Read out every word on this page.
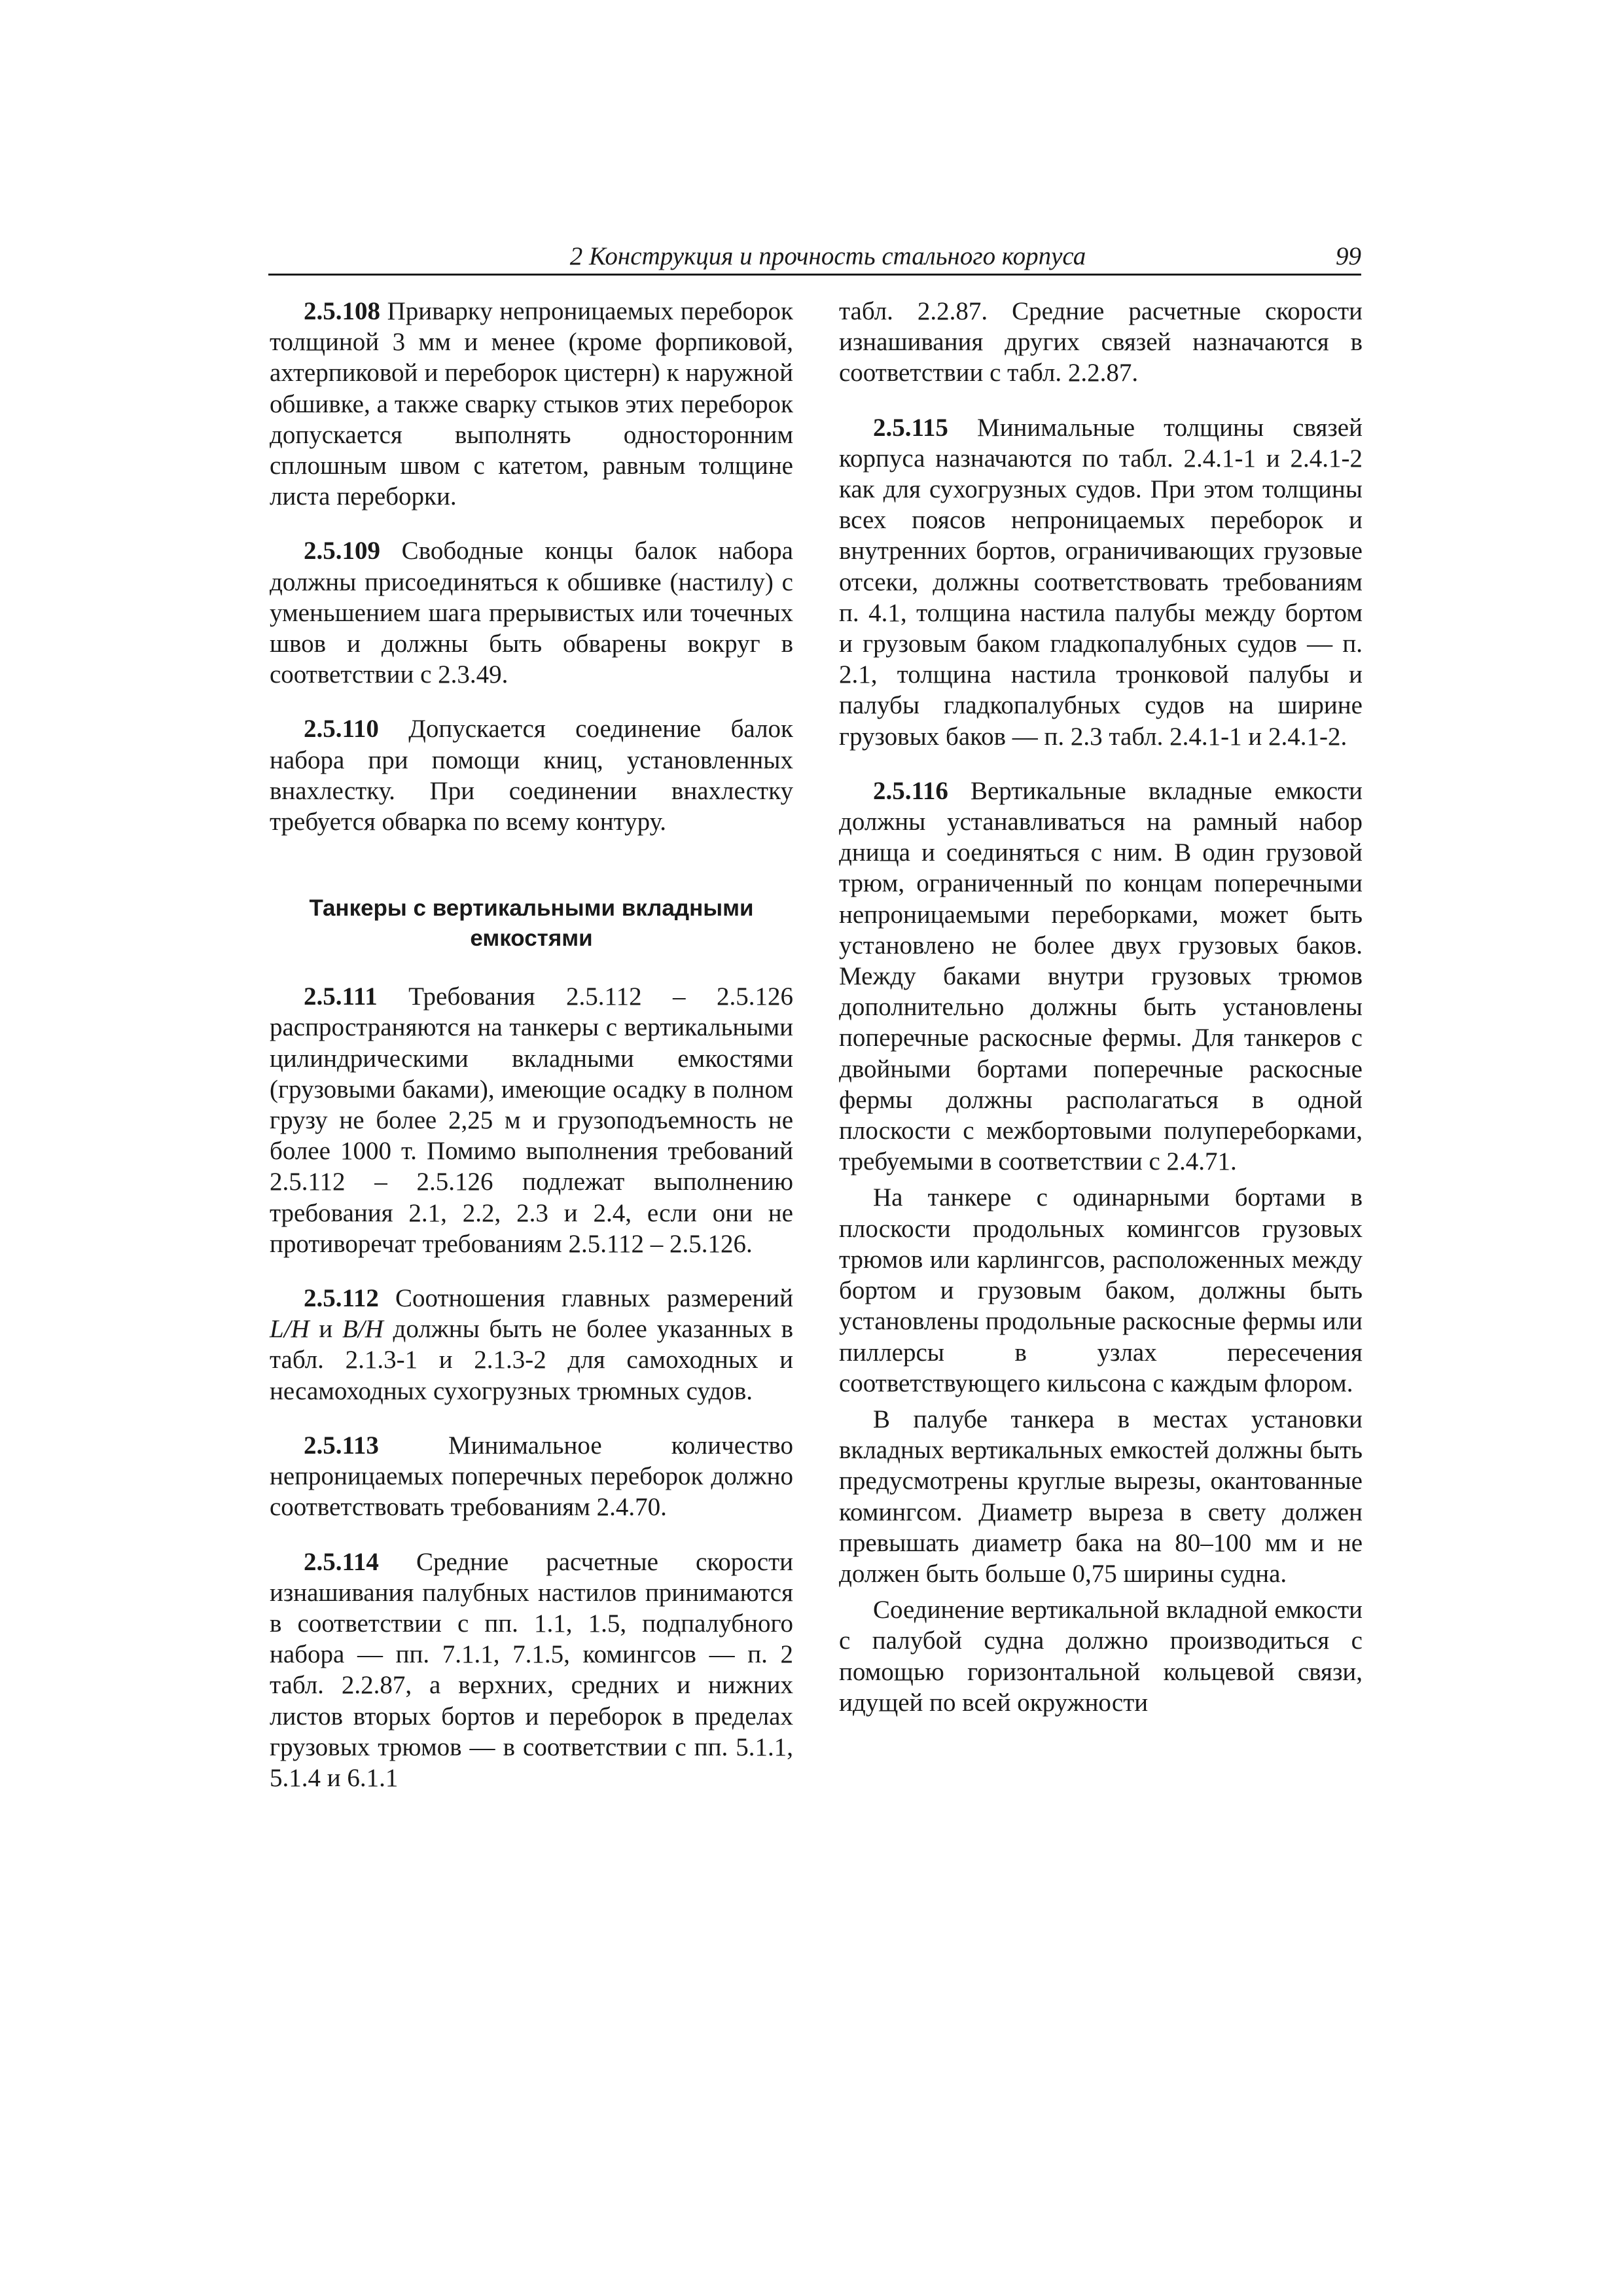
2 Конструкция и прочность стального корпуса	99

2.5.108 Приварку непроницаемых переборок толщиной 3 мм и менее (кроме форпиковой, ахтерпиковой и переборок цистерн) к наружной обшивке, а также сварку стыков этих переборок допускается выполнять односторонним сплошным швом с катетом, равным толщине листа переборки.

2.5.109 Свободные концы балок набора должны присоединяться к обшивке (настилу) с уменьшением шага прерывистых или точечных швов и должны быть обварены вокруг в соответствии с 2.3.49.

2.5.110 Допускается соединение балок набора при помощи книц, установленных внахлестку. При соединении внахлестку требуется обварка по всему контуру.

Танкеры с вертикальными вкладными емкостями

2.5.111 Требования 2.5.112 – 2.5.126 распространяются на танкеры с вертикальными цилиндрическими вкладными емкостями (грузовыми баками), имеющие осадку в полном грузу не более 2,25 м и грузоподъемность не более 1000 т. Помимо выполнения требований 2.5.112 – 2.5.126 подлежат выполнению требования 2.1, 2.2, 2.3 и 2.4, если они не противоречат требованиям 2.5.112 – 2.5.126.

2.5.112 Соотношения главных размерений L/H и B/H должны быть не более указанных в табл. 2.1.3-1 и 2.1.3-2 для самоходных и несамоходных сухогрузных трюмных судов.

2.5.113 Минимальное количество непроницаемых поперечных переборок должно соответствовать требованиям 2.4.70.

2.5.114 Средние расчетные скорости изнашивания палубных настилов принимаются в соответствии с пп. 1.1, 1.5, подпалубного набора — пп. 7.1.1, 7.1.5, комингсов — п. 2 табл. 2.2.87, а верхних, средних и нижних листов вторых бортов и переборок в пределах грузовых трюмов — в соответствии с пп. 5.1.1, 5.1.4 и 6.1.1

табл. 2.2.87. Средние расчетные скорости изнашивания других связей назначаются в соответствии с табл. 2.2.87.

2.5.115 Минимальные толщины связей корпуса назначаются по табл. 2.4.1-1 и 2.4.1-2 как для сухогрузных судов. При этом толщины всех поясов непроницаемых переборок и внутренних бортов, ограничивающих грузовые отсеки, должны соответствовать требованиям п. 4.1, толщина настила палубы между бортом и грузовым баком гладкопалубных судов — п. 2.1, толщина настила тронковой палубы и палубы гладкопалубных судов на ширине грузовых баков — п. 2.3 табл. 2.4.1-1 и 2.4.1-2.

2.5.116 Вертикальные вкладные емкости должны устанавливаться на рамный набор днища и соединяться с ним. В один грузовой трюм, ограниченный по концам поперечными непроницаемыми переборками, может быть установлено не более двух грузовых баков. Между баками внутри грузовых трюмов дополнительно должны быть установлены поперечные раскосные фермы. Для танкеров с двойными бортами поперечные раскосные фермы должны располагаться в одной плоскости с межбортовыми полупереборками, требуемыми в соответствии с 2.4.71.

На танкере с одинарными бортами в плоскости продольных комингсов грузовых трюмов или карлингсов, расположенных между бортом и грузовым баком, должны быть установлены продольные раскосные фермы или пиллерсы в узлах пересечения соответствующего кильсона с каждым флором.

В палубе танкера в местах установки вкладных вертикальных емкостей должны быть предусмотрены круглые вырезы, окантованные комингсом. Диаметр выреза в свету должен превышать диаметр бака на 80–100 мм и не должен быть больше 0,75 ширины судна.

Соединение вертикальной вкладной емкости с палубой судна должно производиться с помощью горизонтальной кольцевой связи, идущей по всей окружности
